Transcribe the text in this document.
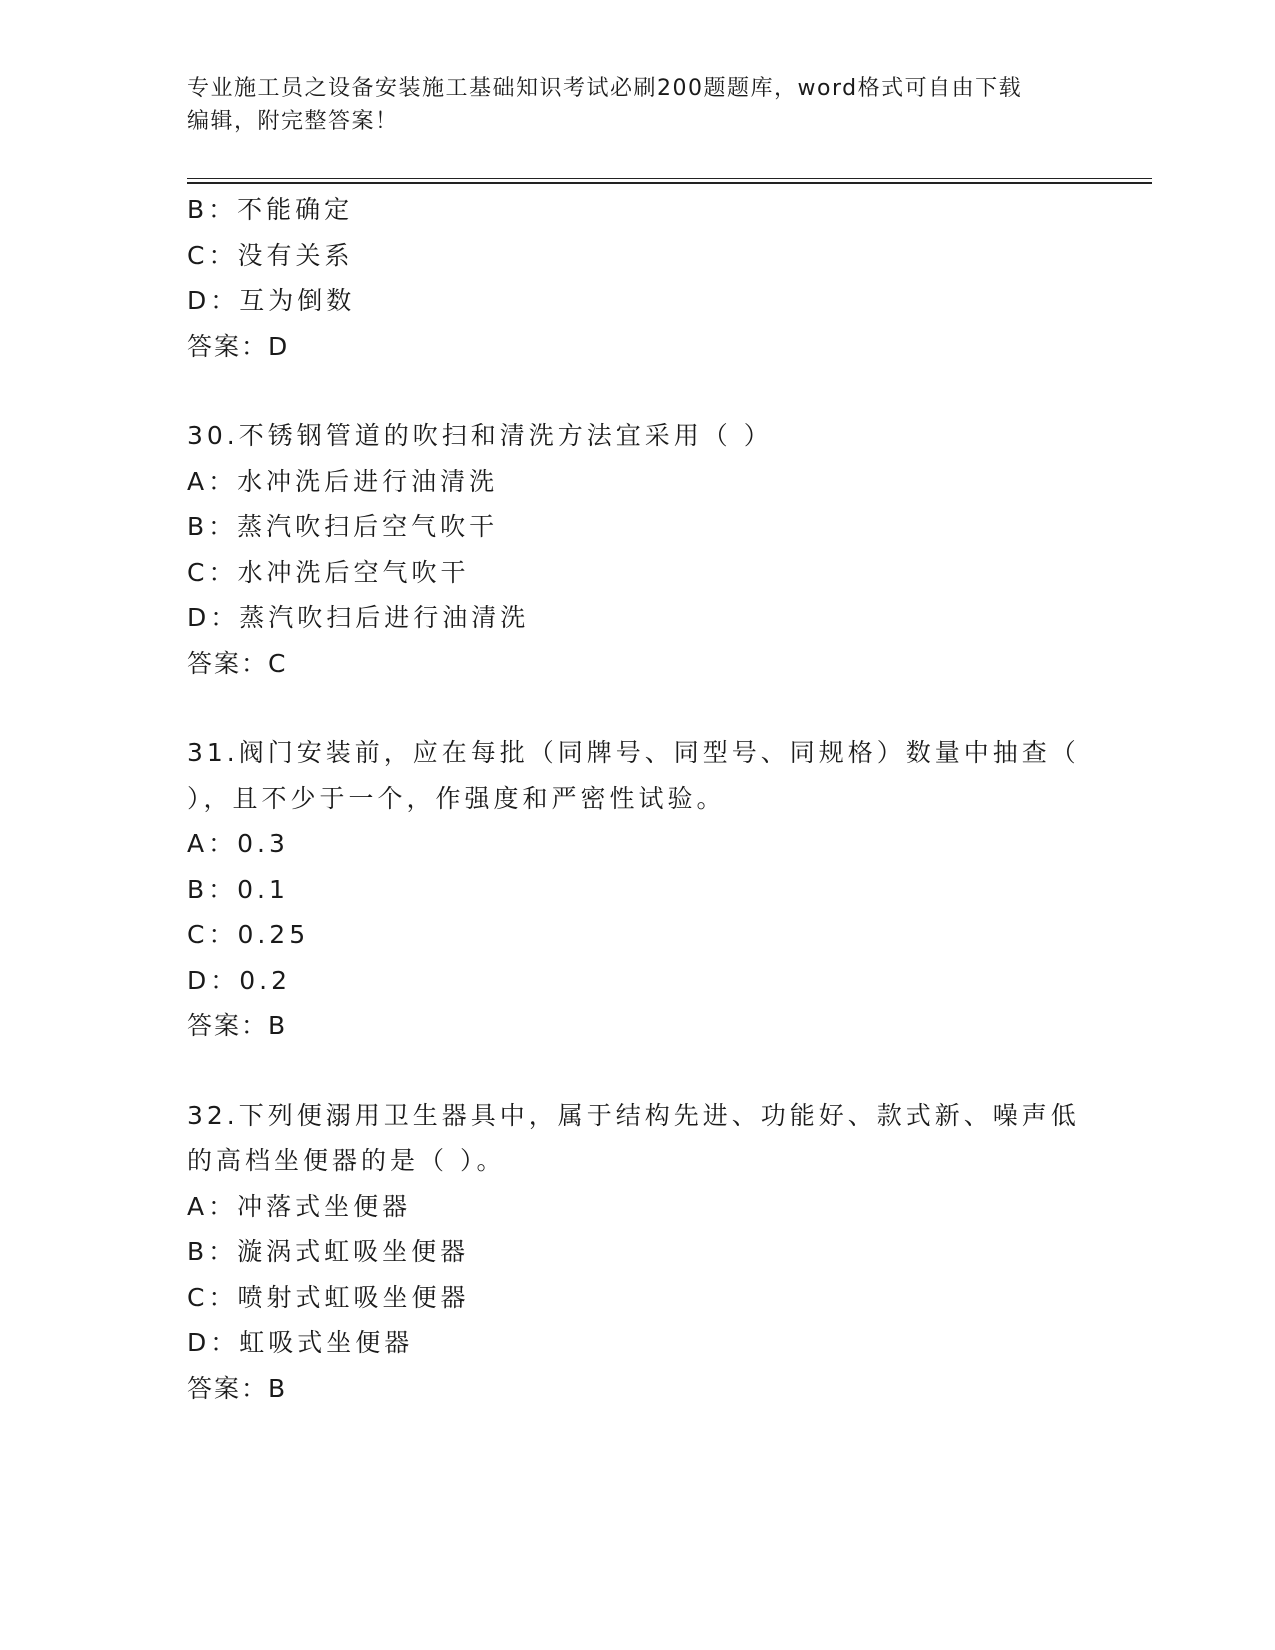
专业施工员之设备安装施工基础知识考试必刷200题题库，word格式可自由下载
编辑，附完整答案！
B：不能确定
C：没有关系
D：互为倒数
答案：D
30.不锈钢管道的吹扫和清洗方法宜采用（ ）
A：水冲洗后进行油清洗
B：蒸汽吹扫后空气吹干
C：水冲洗后空气吹干
D：蒸汽吹扫后进行油清洗
答案：C
31.阀门安装前，应在每批（同牌号、同型号、同规格）数量中抽查（
），且不少于一个，作强度和严密性试验。
A：0.3
B：0.1
C：0.25
D：0.2
答案：B
32.下列便溺用卫生器具中，属于结构先进、功能好、款式新、噪声低
的高档坐便器的是（ ）。
A：冲落式坐便器
B：漩涡式虹吸坐便器
C：喷射式虹吸坐便器
D：虹吸式坐便器
答案：B
